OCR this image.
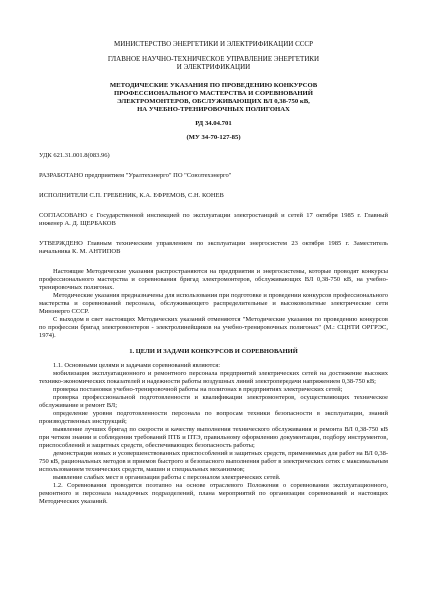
МИНИСТЕРСТВО ЭНЕРГЕТИКИ И ЭЛЕКТРИФИКАЦИИ СССР

ГЛАВНОЕ НАУЧНО-ТЕХНИЧЕСКОЕ УПРАВЛЕНИЕ ЭНЕРГЕТИКИ

И ЭЛЕКТРИФИКАЦИИ

МЕТОДИЧЕСКИЕ УКАЗАНИЯ ПО ПРОВЕДЕНИЮ КОНКУРСОВ

ПРОФЕССИОНАЛЬНОГО МАСТЕРСТВА И СОРЕВНОВАНИЙ

ЭЛЕКТРОМОНТЕРОВ, ОБСЛУЖИВАЮЩИХ ВЛ 0,38-750 кВ,

НА УЧЕБНО-ТРЕНИРОВОЧНЫХ ПОЛИГОНАХ

РД 34.04.701

(МУ 34-70-127-85)

УДК 621.31.001.8(083.96)

РАЗРАБОТАНО предприятием "Уралтехэнерго" ПО "Союзтехэнерго"

ИСПОЛНИТЕЛИ С.П. ГРЕБЕНИК, К.А. ЕФРЕМОВ, С.Н. КОНЕВ

СОГЛАСОВАНО с Государственной инспекцией по эксплуатации электростанций и сетей 17 октября 1985 г. Главный инженер А. Д. ЩЕРБАКОВ

УТВЕРЖДЕНО Главным техническим управлением по эксплуатации энергосистем 23 октября 1985 г. Заместитель начальника К. М. АНТИПОВ

Настоящие Методические указания распространяются на предприятия и энергосистемы, которые проводят конкурсы профессионального мастерства и соревнования бригад электромонтеров, обслуживающих ВЛ 0,38-750 кВ, на учебно-тренировочных полигонах.

Методические указания предназначены для использования при подготовке и проведении конкурсов профессионального мастерства и соревнований персонала, обслуживающего распределительные и высоковольтные электрические сети Минэнерго СССР.

С выходом в свет настоящих Методических указаний отменяются "Методические указания по проведению конкурсов по профессии бригад электромонтеров - электролинейщиков на учебно-тренировочных полигонах" (М.: СЦНТИ ОРГРЭС, 1974).

1. ЦЕЛИ И ЗАДАЧИ КОНКУРСОВ И СОРЕВНОВАНИЙ

1.1. Основными целями и задачами соревнований являются:

мобилизация эксплуатационного и ремонтного персонала предприятий электрических сетей на достижение высоких технико-экономических показателей и надежности работы воздушных линий электропередачи напряжением 0,38-750 кВ;

проверка постановки учебно-тренировочной работы на полигонах в предприятиях электрических сетей;

проверка профессиональной подготовленности и квалификации электромонтеров, осуществляющих техническое обслуживание и ремонт ВЛ;

определение уровня подготовленности персонала по вопросам техники безопасности в эксплуатации, знаний производственных инструкций;

выявление лучших бригад по скорости и качеству выполнения технического обслуживания и ремонта ВЛ 0,38-750 кВ при четком знании и соблюдении требований ПТБ и ПТЭ, правильному оформлению документации, подбору инструментов, приспособлений и защитных средств, обеспечивающих безопасность работы;

демонстрация новых и усовершенствованных приспособлений и защитных средств, применяемых для работ на ВЛ 0,38-750 кВ, рациональных методов и приемов быстрого и безопасного выполнения работ в электрических сетях с максимальным использованием технических средств, машин и специальных механизмов;

выявление слабых мест в организации работы с персоналом электрических сетей.

1.2. Соревнования проводятся поэтапно на основе отраслевого Положения о соревновании эксплуатационного, ремонтного и персонала наладочных подразделений, плана мероприятий по организации соревнований и настоящих Методических указаний.
